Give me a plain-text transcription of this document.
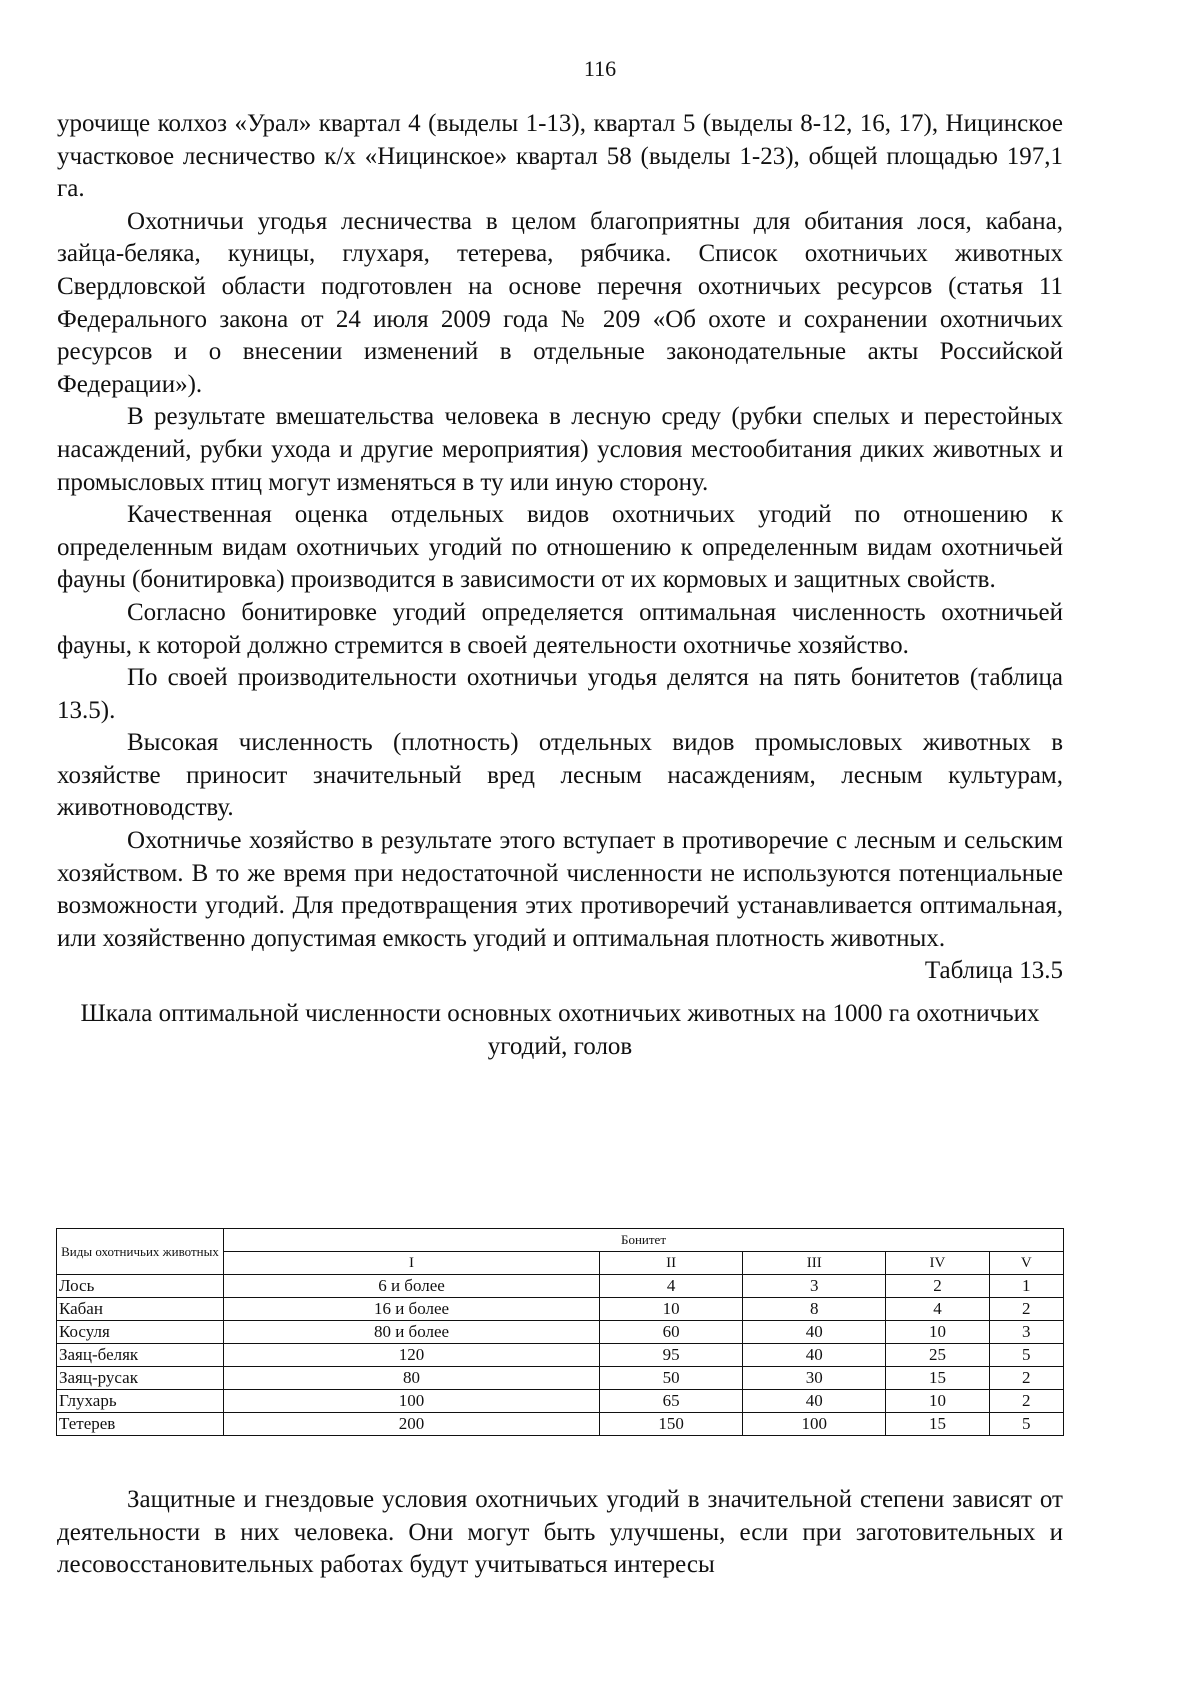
116

урочище колхоз «Урал» квартал 4 (выделы 1-13), квартал 5 (выделы 8-12, 16, 17), Ницинское участковое лесничество к/х «Ницинское» квартал 58 (выделы 1-23), общей площадью 197,1 га.

Охотничьи угодья лесничества в целом благоприятны для обитания лося, кабана, зайца-беляка, куницы, глухаря, тетерева, рябчика. Список охотничьих животных Свердловской области подготовлен на основе перечня охотничьих ресурсов (статья 11 Федерального закона от 24 июля 2009 года № 209 «Об охоте и сохранении охотничьих ресурсов и о внесении изменений в отдельные законодательные акты Российской Федерации»).

В результате вмешательства человека в лесную среду (рубки спелых и перестойных насаждений, рубки ухода и другие мероприятия) условия местообитания диких животных и промысловых птиц могут изменяться в ту или иную сторону.

Качественная оценка отдельных видов охотничьих угодий по отношению к определенным видам охотничьих угодий по отношению к определенным видам охотничьей фауны (бонитировка) производится в зависимости от их кормовых и защитных свойств.

Согласно бонитировке угодий определяется оптимальная численность охотничьей фауны, к которой должно стремится в своей деятельности охотничье хозяйство.

По своей производительности охотничьи угодья делятся на пять бонитетов (таблица 13.5).

Высокая численность (плотность) отдельных видов промысловых животных в хозяйстве приносит значительный вред лесным насаждениям, лесным культурам, животноводству.

Охотничье хозяйство в результате этого вступает в противоречие с лесным и сельским хозяйством. В то же время при недостаточной численности не используются потенциальные возможности угодий. Для предотвращения этих противоречий устанавливается оптимальная, или хозяйственно допустимая емкость угодий и оптимальная плотность животных.

Таблица 13.5

Шкала оптимальной численности основных охотничьих животных на 1000 га охотничьих угодий, голов

Виды охотничьих животных	Бонитет				
	I	II	III	IV	V
Лось	6 и более	4	3	2	1
Кабан	16 и более	10	8	4	2
Косуля	80 и более	60	40	10	3
Заяц-беляк	120	95	40	25	5
Заяц-русак	80	50	30	15	2
Глухарь	100	65	40	10	2
Тетерев	200	150	100	15	5

Защитные и гнездовые условия охотничьих угодий в значительной степени зависят от деятельности в них человека. Они могут быть улучшены, если при заготовительных и лесовосстановительных работах будут учитываться интересы
